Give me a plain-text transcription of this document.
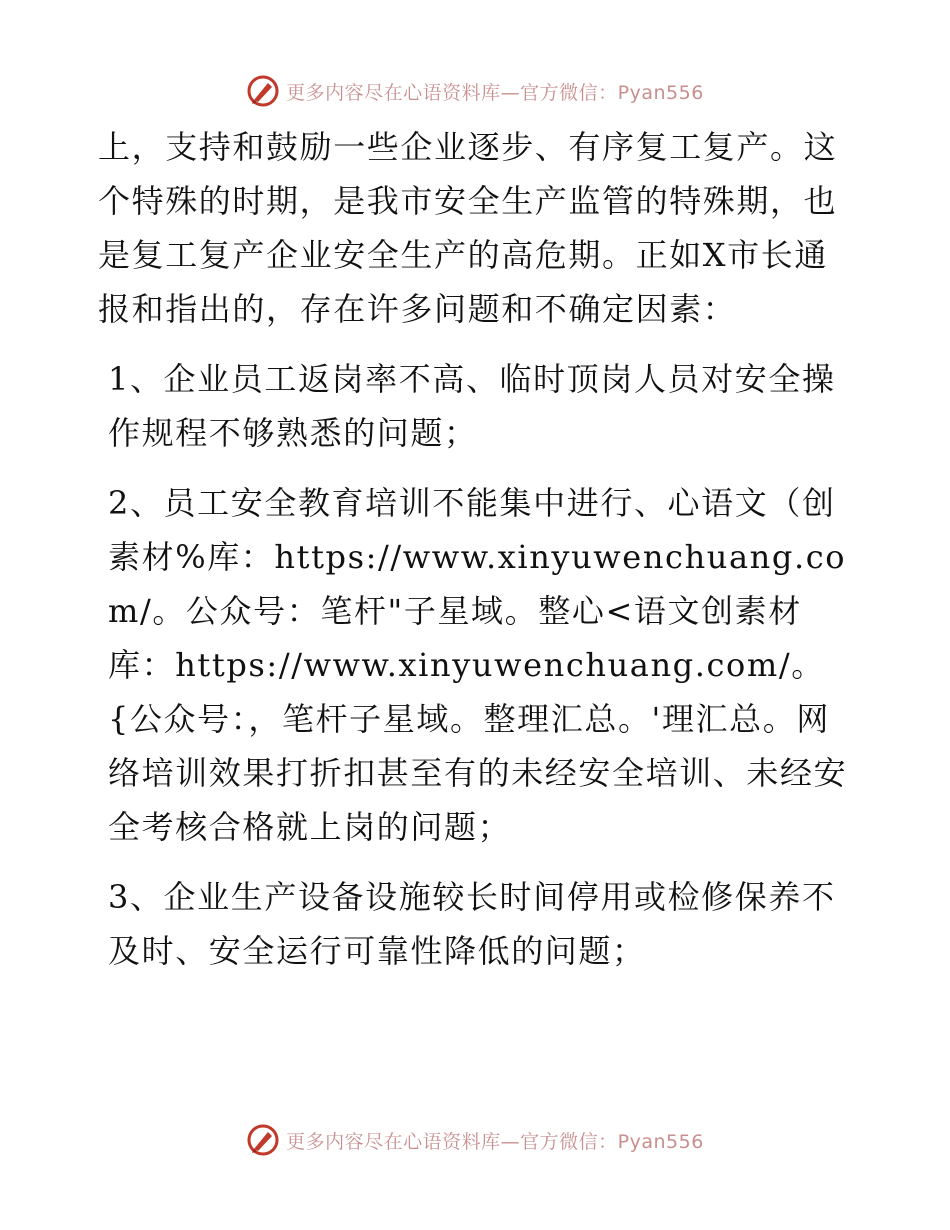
更多内容尽在心语资料库—官方微信：Pyan556

上，支持和鼓励一些企业逐步、有序复工复产。这个特殊的时期，是我市安全生产监管的特殊期，也是复工复产企业安全生产的高危期。正如X市长通报和指出的，存在许多问题和不确定因素：

1、企业员工返岗率不高、临时顶岗人员对安全操作规程不够熟悉的问题；

2、员工安全教育培训不能集中进行、心语文（创素材%库：https://www.xinyuwenchuang.com/。公众号：笔杆"子星域。整心<语文创素材库：https://www.xinyuwenchuang.com/。{公众号：，笔杆子星域。整理汇总。'理汇总。网络培训效果打折扣甚至有的未经安全培训、未经安全考核合格就上岗的问题；

3、企业生产设备设施较长时间停用或检修保养不及时、安全运行可靠性降低的问题；

更多内容尽在心语资料库—官方微信：Pyan556
